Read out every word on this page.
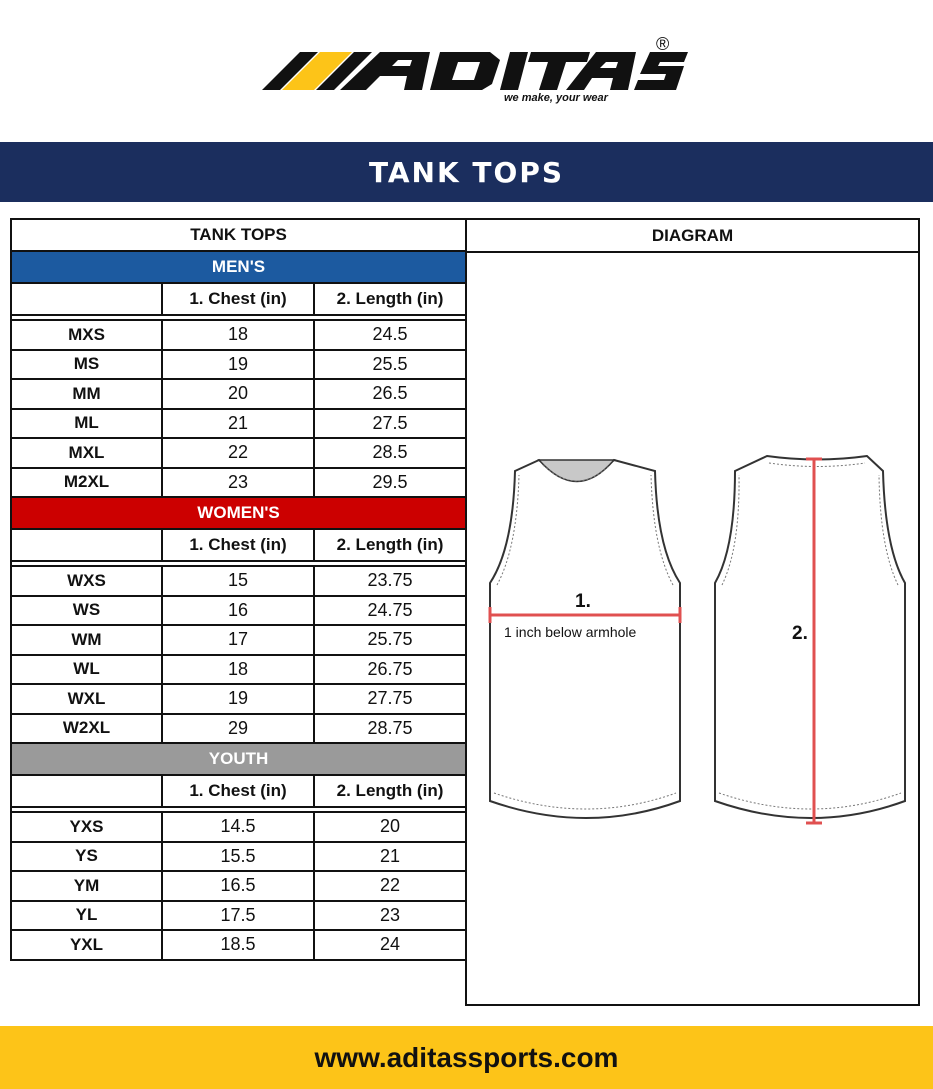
®
we make, your wear
TANK TOPS
TANK TOPS		
MEN'S		
	1. Chest (in)	2. Length (in)

MXS	18	24.5
MS	19	25.5
MM	20	26.5
ML	21	27.5
MXL	22	28.5
M2XL	23	29.5
WOMEN'S		
	1. Chest (in)	2. Length (in)

WXS	15	23.75
WS	16	24.75
WM	17	25.75
WL	18	26.75
WXL	19	27.75
W2XL	29	28.75
YOUTH		
	1. Chest (in)	2. Length (in)

YXS	14.5	20
YS	15.5	21
YM	16.5	22
YL	17.5	23
YXL	18.5	24
DIAGRAM
1.
1 inch below armhole	2.
www.aditassports.com
